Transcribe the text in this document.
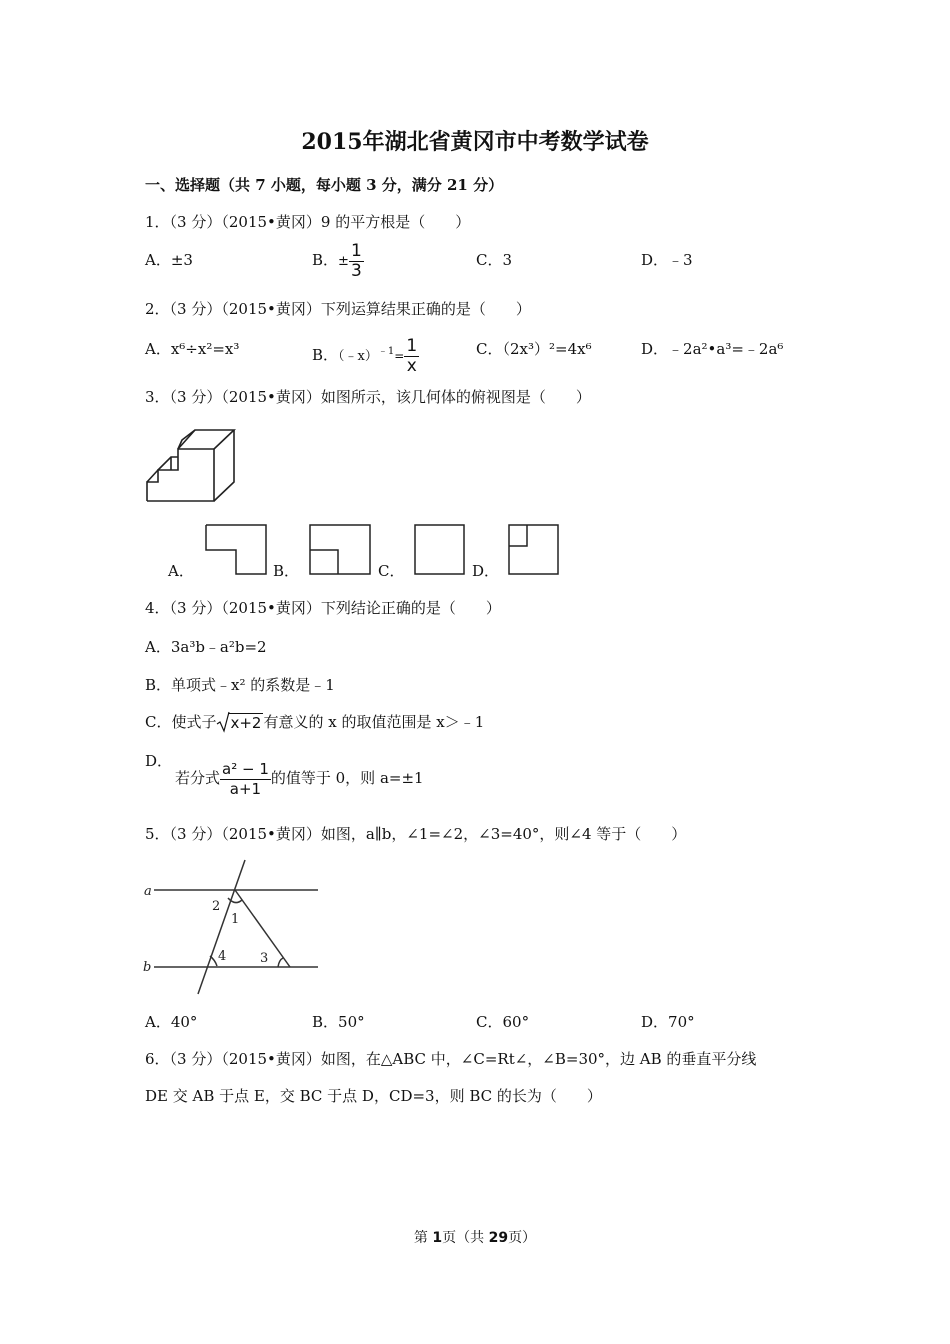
2015年湖北省黄冈市中考数学试卷
一、选择题（共 7 小题，每小题 3 分，满分 21 分）
1．（3 分）（2015•黄冈）9 的平方根是（　　）
A．±3	B．± $\frac{1}{3}$	C．3	D．﹣3
2．（3 分）（2015•黄冈）下列运算结果正确的是（　　）
A．x⁶÷x²=x³	B．（﹣x）$^{﹣1}$= $\frac{1}{x}$	C．（2x³）²=4x⁶	D．﹣2a²•a³=﹣2a⁶
3．（3 分）（2015•黄冈）如图所示，该几何体的俯视图是（　　）
A．	B．	C．	D．
4．（3 分）（2015•黄冈）下列结论正确的是（　　）
A．3a³b﹣a²b=2
B．单项式﹣x² 的系数是﹣1
C．使式子 x+2 有意义的 x 的取值范围是 x＞﹣1
D．
若分式 $\frac{\text{a² − 1}}{a+1}$ 的值等于 0，则 a=±1
5．（3 分）（2015•黄冈）如图，a∥b，∠1=∠2，∠3=40°，则∠4 等于（　　）
a
b
1
2
3
4
A．40°	B．50°	C．60°	D．70°
6．（3 分）（2015•黄冈）如图，在△ABC 中，∠C=Rt∠，∠B=30°，边 AB 的垂直平分线
DE 交 AB 于点 E，交 BC 于点 D，CD=3，则 BC 的长为（　　）
第 1页（共 29页）
